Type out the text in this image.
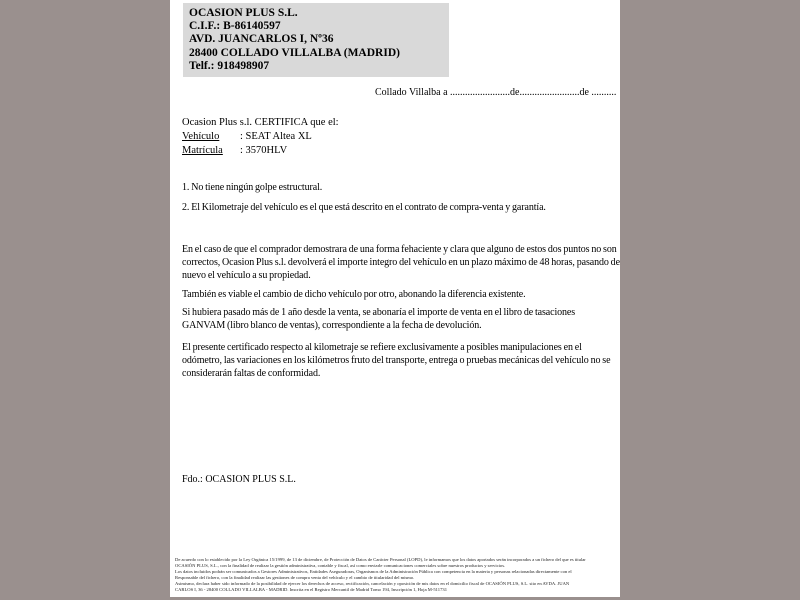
OCASION PLUS S.L.
C.I.F.: B-86140597
AVD. JUANCARLOS I, Nº36
28400 COLLADO VILLALBA (MADRID)
Telf.: 918498907
Collado Villalba a ........................de........................de ..........
Ocasion Plus s.l. CERTIFICA que el:
Vehículo : SEAT Altea XL
Matrícula : 3570HLV
1. No tiene ningún golpe estructural.
2. El Kilometraje del vehículo es el que está descrito en el contrato de compra-venta y garantía.

En el caso de que el comprador demostrara de una forma fehaciente y clara que alguno de estos dos puntos no son correctos, Ocasion Plus s.l. devolverá el importe integro del vehículo en un plazo máximo de 48 horas, pasando de nuevo el vehículo a su propiedad.

También es viable el cambio de dicho vehículo por otro, abonando la diferencia existente.

Si hubiera pasado más de 1 año desde la venta, se abonaría el importe de venta en el libro de tasaciones GANVAM (libro blanco de ventas), correspondiente a la fecha de devolución.

El presente certificado respecto al kilometraje se refiere exclusivamente a posibles manipulaciones en el odómetro, las variaciones en los kilómetros fruto del transporte, entrega o pruebas mecánicas del vehículo no se considerarán faltas de conformidad.

Fdo.: OCASION PLUS S.L.
De acuerdo con lo establecido por la Ley Orgánica 15/1999, de 13 de diciembre, de Protección de Datos de Carácter Personal (LOPD), le informamos que los datos aportados serán incorporados a un fichero del que es titular
OCASIÓN PLUS, S.L., con la finalidad de realizar la gestión administrativa, contable y fiscal, así como enviarle comunicaciones comerciales sobre nuestros productos y servicios.
Los datos incluidos podrán ser comunicados a Gestores Administrativos, Entidades Aseguradoras, Organismos de la Administración Pública con competencia en la materia y personas relacionadas directamente con el
Responsable del fichero, con la finalidad realizar las gestiones de compra venta del vehículo y el cambio de titularidad del mismo.
Asimismo, declara haber sido informado de la posibilidad de ejercer los derechos de acceso, rectificación, cancelación y oposición de mis datos en el domicilio fiscal de OCASIÓN PLUS, S.L. sito en AVDA. JUAN
CARLOS I, 36 - 28400 COLLADO VILLALBA - MADRID. Inscrita en el Registro Mercantil de Madrid Tomo 194, Inscripción 1, Hoja M-511731
